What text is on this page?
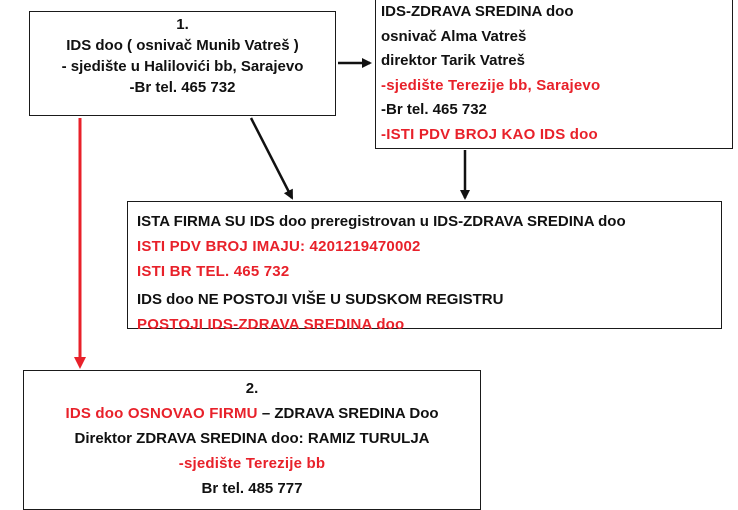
1.
IDS doo ( osnivač Munib Vatreš )
- sjedište u Halilovići bb, Sarajevo
-Br tel. 465 732
IDS-ZDRAVA SREDINA doo
osnivač Alma Vatreš
direktor Tarik Vatreš
-sjedište Terezije bb, Sarajevo
-Br tel. 465 732
-ISTI PDV BROJ KAO IDS doo
ISTA FIRMA SU IDS doo preregistrovan u IDS-ZDRAVA SREDINA doo
ISTI PDV BROJ IMAJU: 4201219470002
ISTI BR TEL. 465 732
IDS doo NE POSTOJI VIŠE U SUDSKOM REGISTRU
POSTOJI IDS-ZDRAVA SREDINA doo
2.
IDS doo OSNOVAO FIRMU – ZDRAVA SREDINA Doo
Direktor ZDRAVA SREDINA doo: RAMIZ TURULJA
-sjedište Terezije bb
Br tel. 485 777
